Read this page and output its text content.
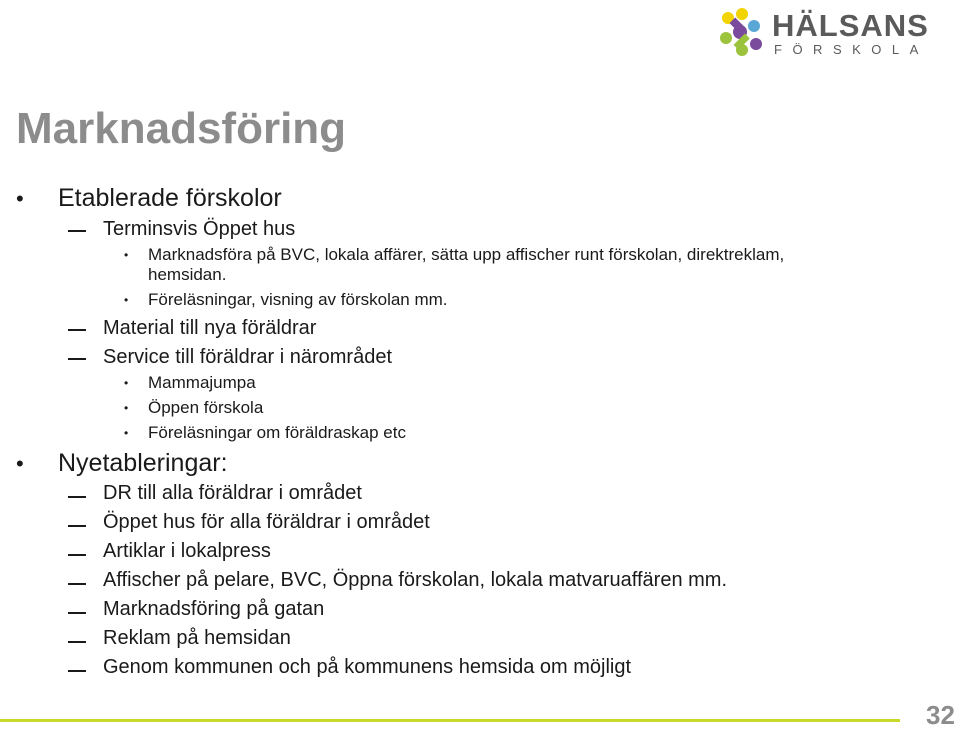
HÄLSANS
FÖRSKOLA
Marknadsföring
• Etablerade förskolor
Terminsvis Öppet hus
• Marknadsföra på BVC, lokala affärer, sätta upp affischer runt förskolan, direktreklam, hemsidan.
• Föreläsningar, visning av förskolan mm.
Material till nya föräldrar
Service till föräldrar i närområdet
• Mammajumpa
• Öppen förskola
• Föreläsningar om föräldraskap etc
• Nyetableringar:
DR till alla föräldrar i området
Öppet hus för alla föräldrar i området
Artiklar i lokalpress
Affischer på pelare, BVC, Öppna förskolan, lokala matvaruaffären mm.
Marknadsföring på gatan
Reklam på hemsidan
Genom kommunen och på kommunens hemsida om möjligt
32
